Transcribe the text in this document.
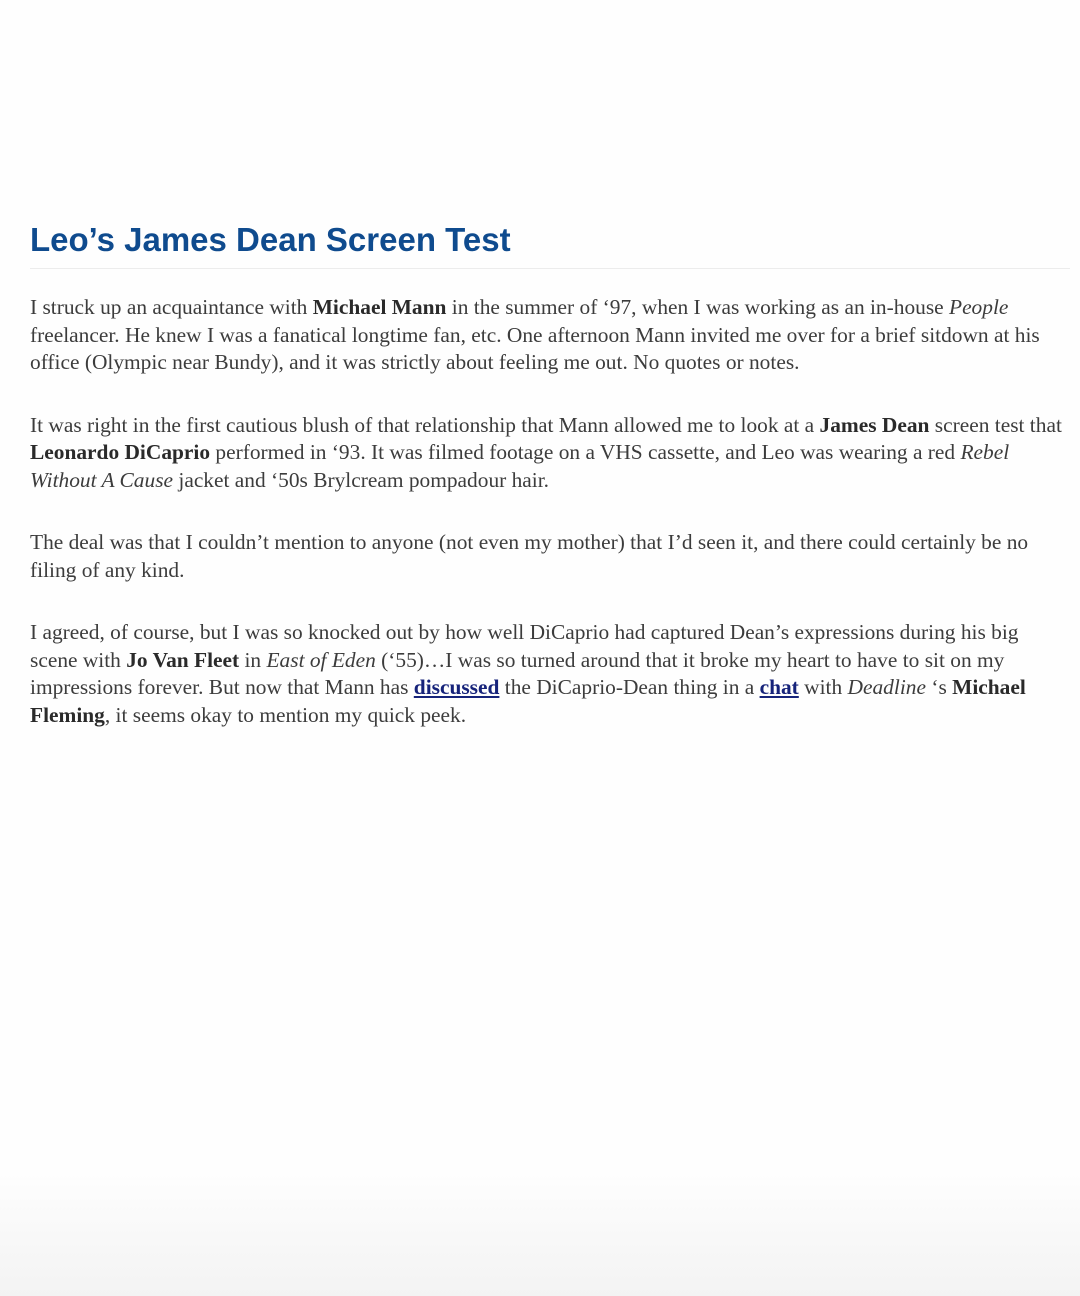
Leo’s James Dean Screen Test

I struck up an acquaintance with Michael Mann in the summer of ‘97, when I was working as an in-house People freelancer. He knew I was a fanatical longtime fan, etc. One afternoon Mann invited me over for a brief sitdown at his office (Olympic near Bundy), and it was strictly about feeling me out. No quotes or notes.

It was right in the first cautious blush of that relationship that Mann allowed me to look at a James Dean screen test that Leonardo DiCaprio performed in ‘93. It was filmed footage on a VHS cassette, and Leo was wearing a red Rebel Without A Cause jacket and ‘50s Brylcream pompadour hair.

The deal was that I couldn’t mention to anyone (not even my mother) that I’d seen it, and there could certainly be no filing of any kind.

I agreed, of course, but I was so knocked out by how well DiCaprio had captured Dean’s expressions during his big scene with Jo Van Fleet in East of Eden (‘55)…I was so turned around that it broke my heart to have to sit on my impressions forever. But now that Mann has discussed the DiCaprio-Dean thing in a chat with Deadline ‘s Michael Fleming, it seems okay to mention my quick peek.
